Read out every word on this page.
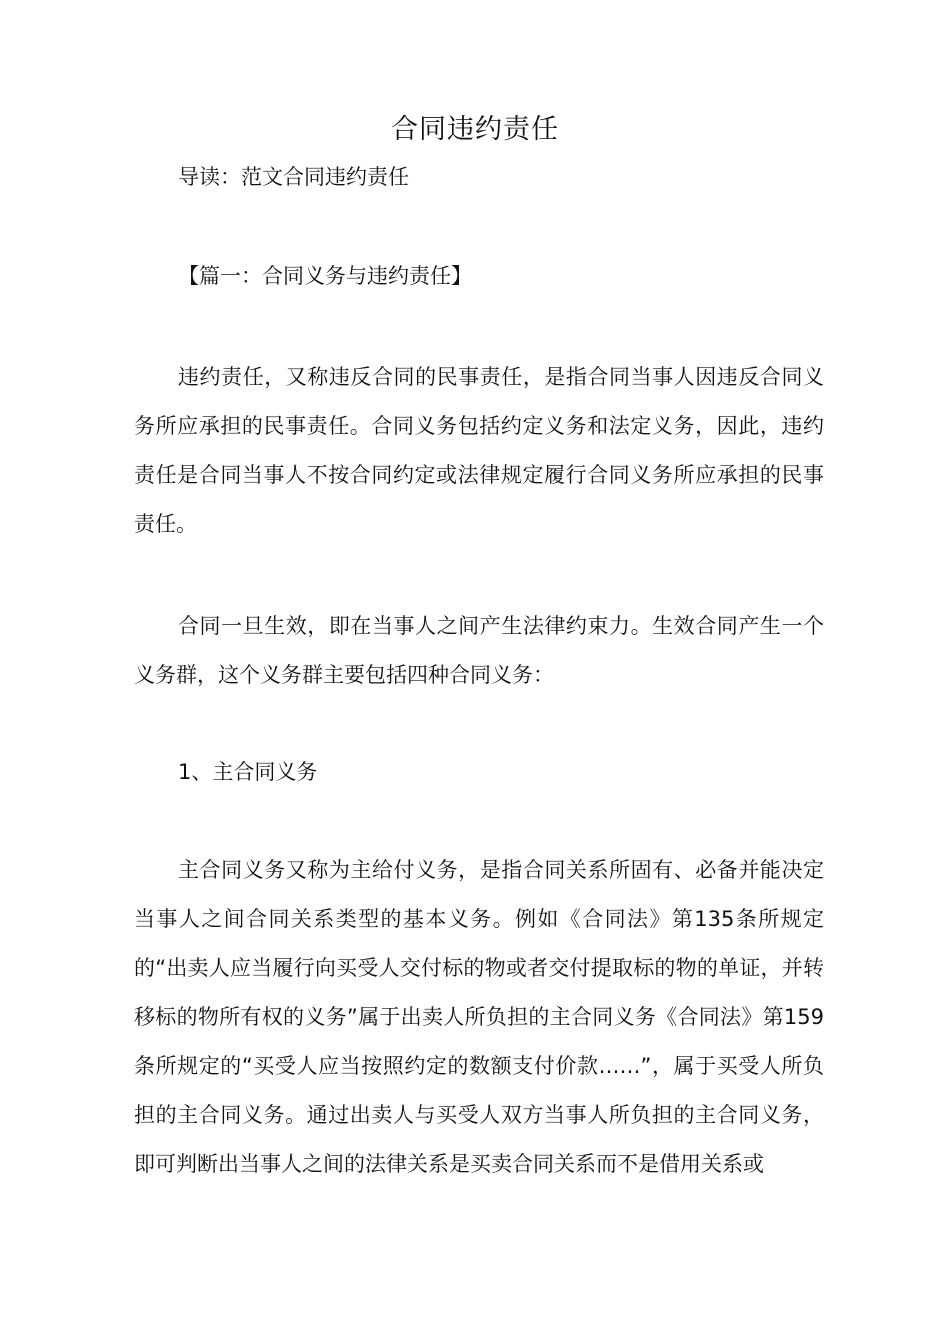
合同违约责任
导读：范文合同违约责任
【篇一：合同义务与违约责任】

违约责任，又称违反合同的民事责任，是指合同当事人因违反合同义务所应承担的民事责任。合同义务包括约定义务和法定义务，因此，违约责任是合同当事人不按合同约定或法律规定履行合同义务所应承担的民事责任。

合同一旦生效，即在当事人之间产生法律约束力。生效合同产生一个义务群，这个义务群主要包括四种合同义务：

1、主合同义务

主合同义务又称为主给付义务，是指合同关系所固有、必备并能决定当事人之间合同关系类型的基本义务。例如《合同法》第135条所规定的“出卖人应当履行向买受人交付标的物或者交付提取标的物的单证，并转移标的物所有权的义务”属于出卖人所负担的主合同义务《合同法》第159条所规定的“买受人应当按照约定的数额支付价款……”，属于买受人所负担的主合同义务。通过出卖人与买受人双方当事人所负担的主合同义务，即可判断出当事人之间的法律关系是买卖合同关系而不是借用关系或
